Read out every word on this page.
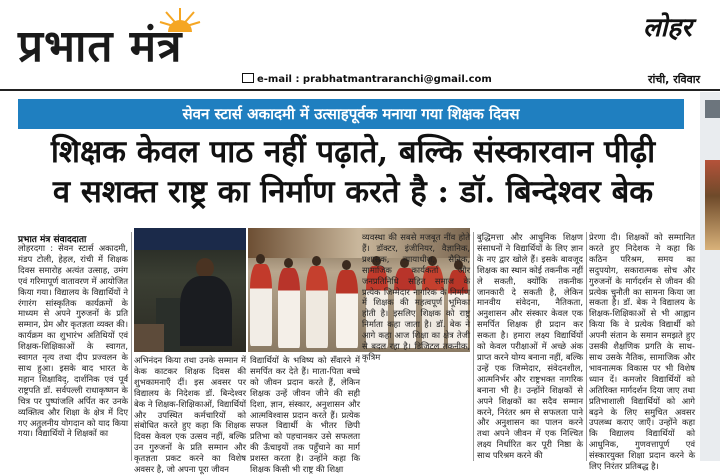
प्रभात मंत्र
e-mail : prabhatmantraranchi@gmail.com
लोहर
रांची, रविवार
सेवन स्टार्स अकादमी में उत्साहपूर्वक मनाया गया शिक्षक दिवस
शिक्षक केवल पाठ नहीं पढ़ाते, बल्कि संस्कारवान पीढ़ी
व सशक्त राष्ट्र का निर्माण करते है : डॉ. बिन्देश्वर बेक
प्रभात मंत्र संवाददाता
लोहरदगा : सेवन स्टार्स अकादमी, मंडप टोली, हेहल, रांची में शिक्षक दिवस समारोह अत्यंत उत्साह, उमंग एवं गरिमापूर्ण वातावरण में आयोजित किया गया। विद्यालय के विद्यार्थियों ने रंगारंग सांस्कृतिक कार्यक्रमों के माध्यम से अपने गुरुजनों के प्रति सम्मान, प्रेम और कृतज्ञता व्यक्त की। कार्यक्रम का शुभारंभ अतिथियों एवं शिक्षक-शिक्षिकाओं के स्वागत, स्वागत नृत्य तथा दीप प्रज्वलन के साथ हुआ। इसके बाद भारत के महान शिक्षाविद्, दार्शनिक एवं पूर्व राष्ट्रपति डॉ. सर्वपल्ली राधाकृष्णन के चित्र पर पुष्पांजलि अर्पित कर उनके व्यक्तित्व और शिक्षा के क्षेत्र में दिए गए अतुलनीय योगदान को याद किया गया। विद्यार्थियों ने शिक्षकों का
अभिनंदन किया तथा उनके सम्मान में केक काटकर शिक्षक दिवस की शुभकामनाएँ दीं। इस अवसर पर विद्यालय के निदेशक डॉ. बिन्देश्वर बेक ने शिक्षक-शिक्षिकाओं, विद्यार्थियों और उपस्थित कर्मचारियों को संबोधित करते हुए कहा कि शिक्षक दिवस केवल एक उत्सव नहीं, बल्कि उन गुरुजनों के प्रति सम्मान और कृतज्ञता प्रकट करने का विशेष अवसर है, जो अपना पूरा जीवन
विद्यार्थियों के भविष्य को सँवारने में समर्पित कर देते हैं। माता-पिता बच्चे को जीवन प्रदान करते हैं, लेकिन शिक्षक उन्हें जीवन जीने की सही दिशा, ज्ञान, संस्कार, अनुशासन और आत्मविश्वास प्रदान करते हैं। प्रत्येक सफल विद्यार्थी के भीतर छिपी प्रतिभा को पहचानकर उसे सफलता की ऊँचाइयों तक पहुँचाने का मार्ग प्रशस्त करता है। उन्होंने कहा कि शिक्षक किसी भी राष्ट्र की शिक्षा
व्यवस्था की सबसे मजबूत नींव होते हैं। डॉक्टर, इंजीनियर, वैज्ञानिक, प्रशासक, न्यायाधीश, सैनिक, सामाजिक कार्यकर्ता और जनप्रतिनिधि सहित समाज के प्रत्येक जिम्मेदार नागरिक के निर्माण में शिक्षक की महत्वपूर्ण भूमिका होती है। इसलिए शिक्षक को राष्ट्र निर्माता कहा जाता है। डॉ. बेक ने आगे कहा आज शिक्षा का क्षेत्र तेजी से बदल रहा है। डिजिटल तकनीक, कृत्रिम
बुद्धिमत्ता और आधुनिक शिक्षण संसाधनों ने विद्यार्थियों के लिए ज्ञान के नए द्वार खोले हैं। इसके बावजूद शिक्षक का स्थान कोई तकनीक नहीं ले सकती, क्योंकि तकनीक जानकारी दे सकती है, लेकिन मानवीय संवेदना, नैतिकता, अनुशासन और संस्कार केवल एक समर्पित शिक्षक ही प्रदान कर सकता है। हमारा लक्ष्य विद्यार्थियों को केवल परीक्षाओं में अच्छे अंक प्राप्त करने योग्य बनाना नहीं, बल्कि उन्हें एक जिम्मेदार, संवेदनशील, आत्मनिर्भर और राष्ट्रभक्त नागरिक बनाना भी है। उन्होंने शिक्षकों से अपने शिक्षकों का सदैव सम्मान करने, निरंतर श्रम से सफलता पाने और अनुशासन का पालन करने तथा अपने जीवन में एक निश्चित लक्ष्य निर्धारित कर पूरी निष्ठा के साथ परिश्रम करने की
प्रेरणा दी। शिक्षकों को सम्मानित करते हुए निदेशक ने कहा कि कठिन परिश्रम, समय का सदुपयोग, सकारात्मक सोच और गुरुजनों के मार्गदर्शन से जीवन की प्रत्येक चुनौती का सामना किया जा सकता है। डॉ. बेक ने विद्यालय के शिक्षक-शिक्षिकाओं से भी आह्वान किया कि वे प्रत्येक विद्यार्थी को अपनी संतान के समान समझते हुए उसकी शैक्षणिक प्रगति के साथ-साथ उसके नैतिक, सामाजिक और भावनात्मक विकास पर भी विशेष ध्यान दें। कमजोर विद्यार्थियों को अतिरिक्त मार्गदर्शन दिया जाए तथा प्रतिभाशाली विद्यार्थियों को आगे बढ़ने के लिए समुचित अवसर उपलब्ध कराए जाएँ। उन्होंने कहा कि विद्यालय विद्यार्थियों को आधुनिक, गुणवत्तापूर्ण एवं संस्कारयुक्त शिक्षा प्रदान करने के लिए निरंतर प्रतिबद्ध है।
